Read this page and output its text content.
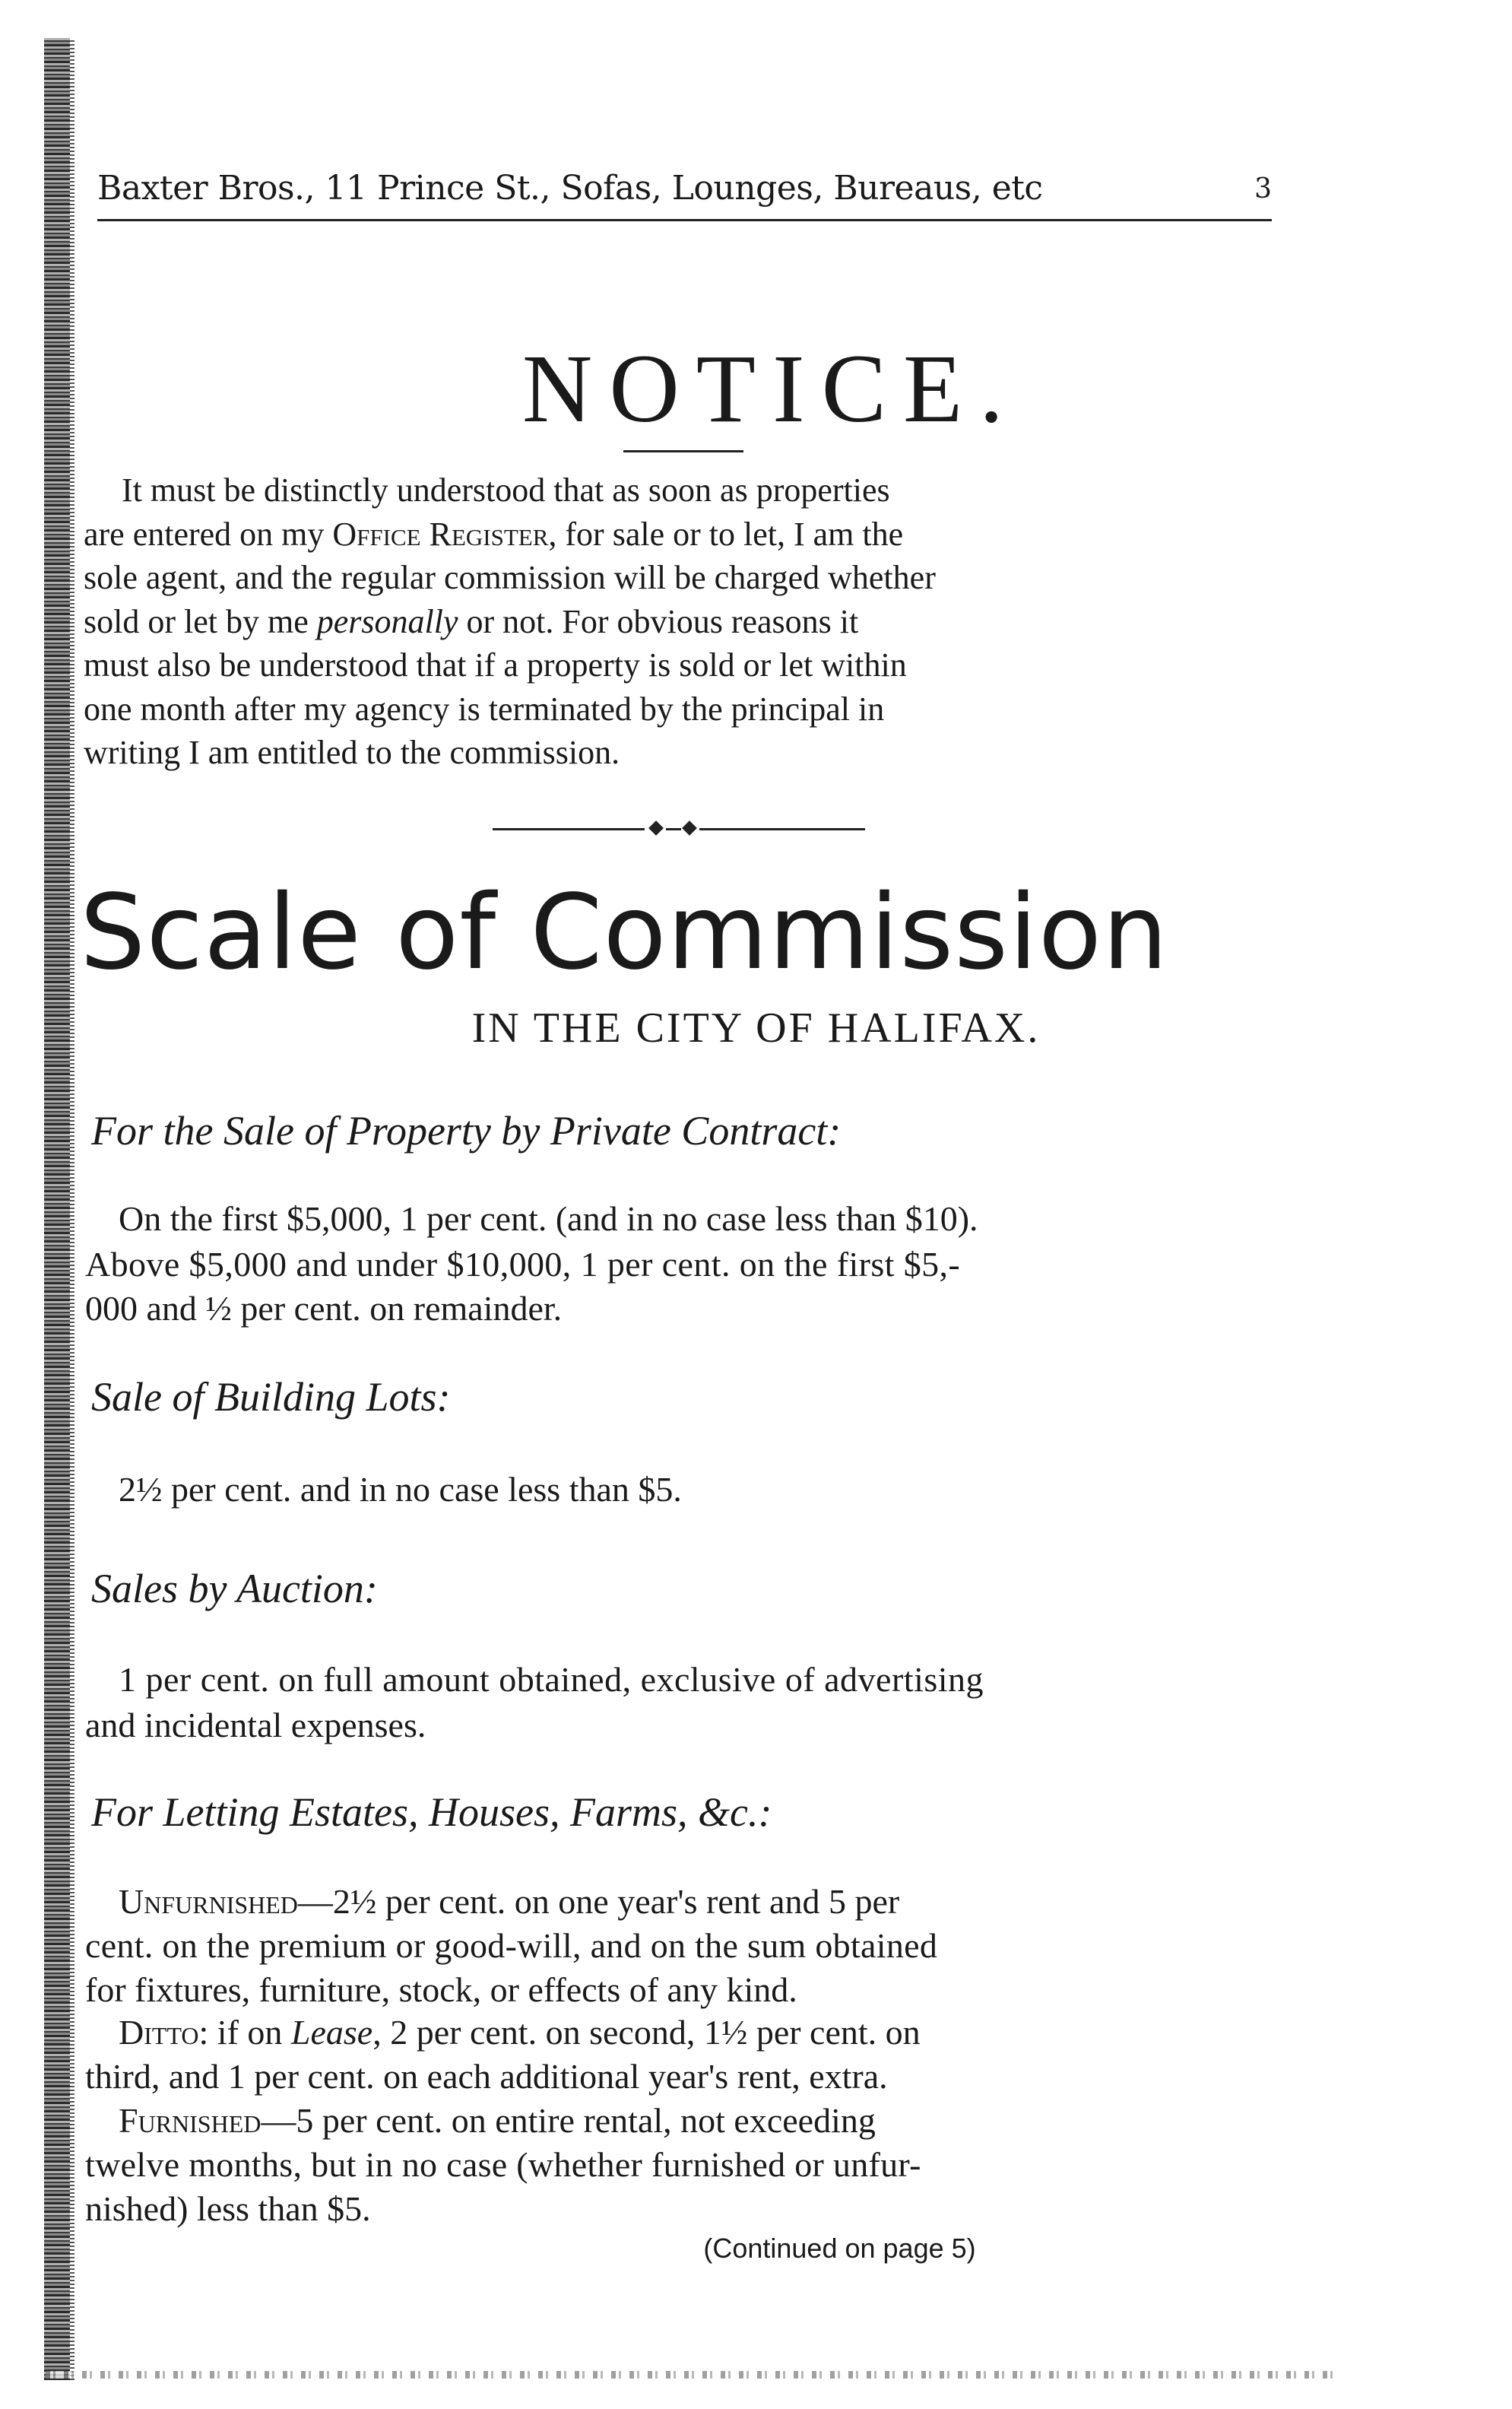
Baxter Bros., 11 Prince St., Sofas, Lounges, Bureaus, etc	3
NOTICE.
It must be distinctly understood that as soon as properties
are entered on my Office Register, for sale or to let, I am the
sole agent, and the regular commission will be charged whether
sold or let by me personally or not. For obvious reasons it
must also be understood that if a property is sold or let within
one month after my agency is terminated by the principal in
writing I am entitled to the commission.
Scale of Commission
IN THE CITY OF HALIFAX.
For the Sale of Property by Private Contract:
On the first $5,000, 1 per cent. (and in no case less than $10).
Above $5,000 and under $10,000, 1 per cent. on the first $5,-
000 and ½ per cent. on remainder.
Sale of Building Lots:
2½ per cent. and in no case less than $5.
Sales by Auction:
1 per cent. on full amount obtained, exclusive of advertising
and incidental expenses.
For Letting Estates, Houses, Farms, &c.:
Unfurnished—2½ per cent. on one year's rent and 5 per
cent. on the premium or good-will, and on the sum obtained
for fixtures, furniture, stock, or effects of any kind.
Ditto: if on Lease, 2 per cent. on second, 1½ per cent. on
third, and 1 per cent. on each additional year's rent, extra.
Furnished—5 per cent. on entire rental, not exceeding
twelve months, but in no case (whether furnished or unfur-
nished) less than $5.
(Continued on page 5)
